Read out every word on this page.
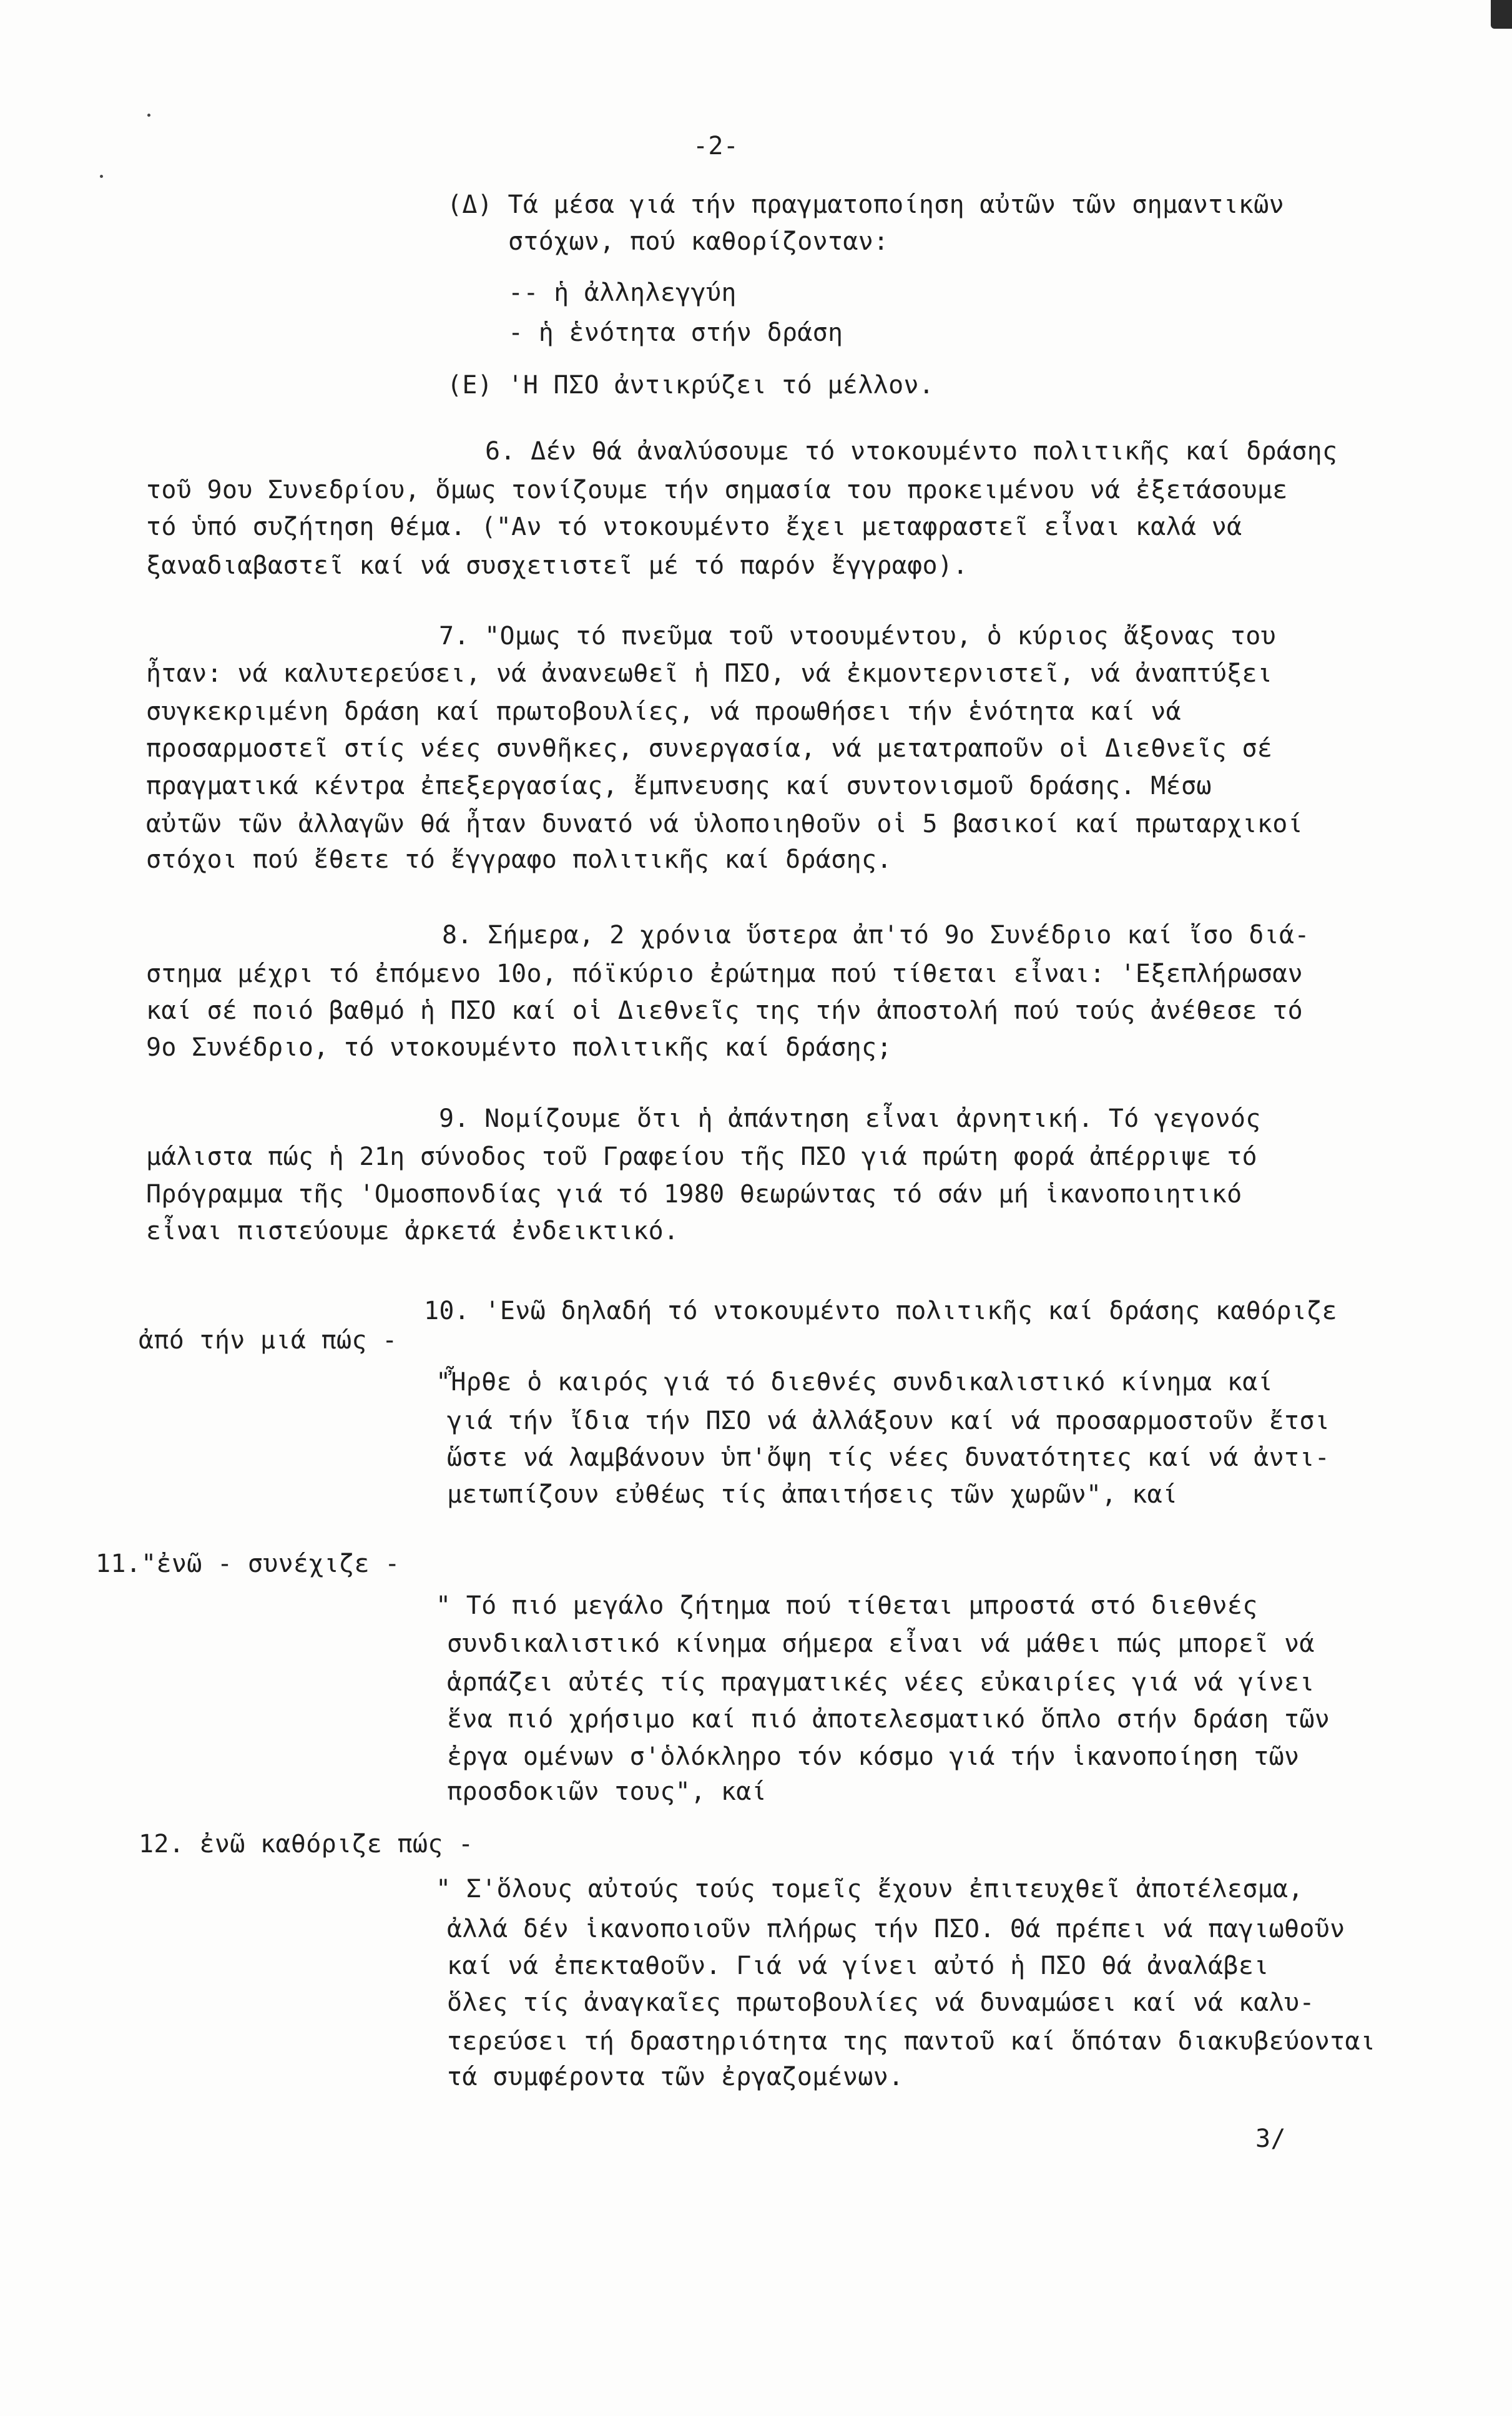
-2-
(Δ) Τά μέσα γιά τήν πραγματοποίηση αὐτῶν τῶν σημαντικῶν
στόχων, πού καθορίζονταν:
-- ἡ ἀλληλεγγύη
- ἡ ἑνότητα στήν δράση
(Ε) 'Η ΠΣΟ ἀντικρύζει τό μέλλον.
6. Δέν θά ἀναλύσουμε τό ντοκουμέντο πολιτικῆς καί δράσης
τοῦ 9ου Συνεδρίου, ὅμως τονίζουμε τήν σημασία του προκειμένου νά ἐξετάσουμε
τό ὑπό συζήτηση θέμα. ("Αν τό ντοκουμέντο ἔχει μεταφραστεῖ εἶναι καλά νά
ξαναδιαβαστεῖ καί νά συσχετιστεῖ μέ τό παρόν ἔγγραφο).
7. "Ομως τό πνεῦμα τοῦ ντοουμέντου, ὁ κύριος ἄξονας του
ἦταν: νά καλυτερεύσει, νά ἀνανεωθεῖ ἡ ΠΣΟ, νά ἐκμοντερνιστεῖ, νά ἀναπτύξει
συγκεκριμένη δράση καί πρωτοβουλίες, νά προωθήσει τήν ἑνότητα καί νά
προσαρμοστεῖ στίς νέες συνθῆκες, συνεργασία, νά μετατραποῦν οἱ Διεθνεῖς σέ
πραγματικά κέντρα ἐπεξεργασίας, ἔμπνευσης καί συντονισμοῦ δράσης. Μέσω
αὐτῶν τῶν ἀλλαγῶν θά ἦταν δυνατό νά ὑλοποιηθοῦν οἱ 5 βασικοί καί πρωταρχικοί
στόχοι πού ἔθετε τό ἔγγραφο πολιτικῆς καί δράσης.
8. Σήμερα, 2 χρόνια ὕστερα ἀπ'τό 9ο Συνέδριο καί ἴσο διά-
στημα μέχρι τό ἐπόμενο 10ο, πόϊκύριο ἐρώτημα πού τίθεται εἶναι: 'Εξεπλήρωσαν
καί σέ ποιό βαθμό ἡ ΠΣΟ καί οἱ Διεθνεῖς της τήν ἀποστολή πού τούς ἀνέθεσε τό
9ο Συνέδριο, τό ντοκουμέντο πολιτικῆς καί δράσης;
9. Νομίζουμε ὅτι ἡ ἀπάντηση εἶναι ἀρνητική. Τό γεγονός
μάλιστα πώς ἡ 21η σύνοδος τοῦ Γραφείου τῆς ΠΣΟ γιά πρώτη φορά ἀπέρριψε τό
Πρόγραμμα τῆς 'Ομοσπονδίας γιά τό 1980 θεωρώντας τό σάν μή ἱκανοποιητικό
εἶναι πιστεύουμε ἀρκετά ἐνδεικτικό.
10. 'Ενῶ δηλαδή τό ντοκουμέντο πολιτικῆς καί δράσης καθόριζε
ἀπό τήν μιά πώς -
"Ἦρθε ὁ καιρός γιά τό διεθνές συνδικαλιστικό κίνημα καί
γιά τήν ἴδια τήν ΠΣΟ νά ἀλλάξουν καί νά προσαρμοστοῦν ἔτσι
ὥστε νά λαμβάνουν ὑπ'ὄψη τίς νέες δυνατότητες καί νά ἀντι-
μετωπίζουν εὐθέως τίς ἀπαιτήσεις τῶν χωρῶν", καί
11."ἐνῶ - συνέχιζε -
" Τό πιό μεγάλο ζήτημα πού τίθεται μπροστά στό διεθνές
συνδικαλιστικό κίνημα σήμερα εἶναι νά μάθει πώς μπορεῖ νά
ἁρπάζει αὐτές τίς πραγματικές νέες εὐκαιρίες γιά νά γίνει
ἕνα πιό χρήσιμο καί πιό ἀποτελεσματικό ὅπλο στήν δράση τῶν
ἐργα ομένων σ'ὁλόκληρο τόν κόσμο γιά τήν ἱκανοποίηση τῶν
προσδοκιῶν τους", καί
12. ἐνῶ καθόριζε πώς -
" Σ'ὅλους αὐτούς τούς τομεῖς ἔχουν ἐπιτευχθεῖ ἀποτέλεσμα,
ἀλλά δέν ἱκανοποιοῦν πλήρως τήν ΠΣΟ. Θά πρέπει νά παγιωθοῦν
καί νά ἐπεκταθοῦν. Γιά νά γίνει αὐτό ἡ ΠΣΟ θά ἀναλάβει
ὅλες τίς ἀναγκαῖες πρωτοβουλίες νά δυναμώσει καί νά καλυ-
τερεύσει τή δραστηριότητα της παντοῦ καί ὅπόταν διακυβεύονται
τά συμφέροντα τῶν ἐργαζομένων.
3/
